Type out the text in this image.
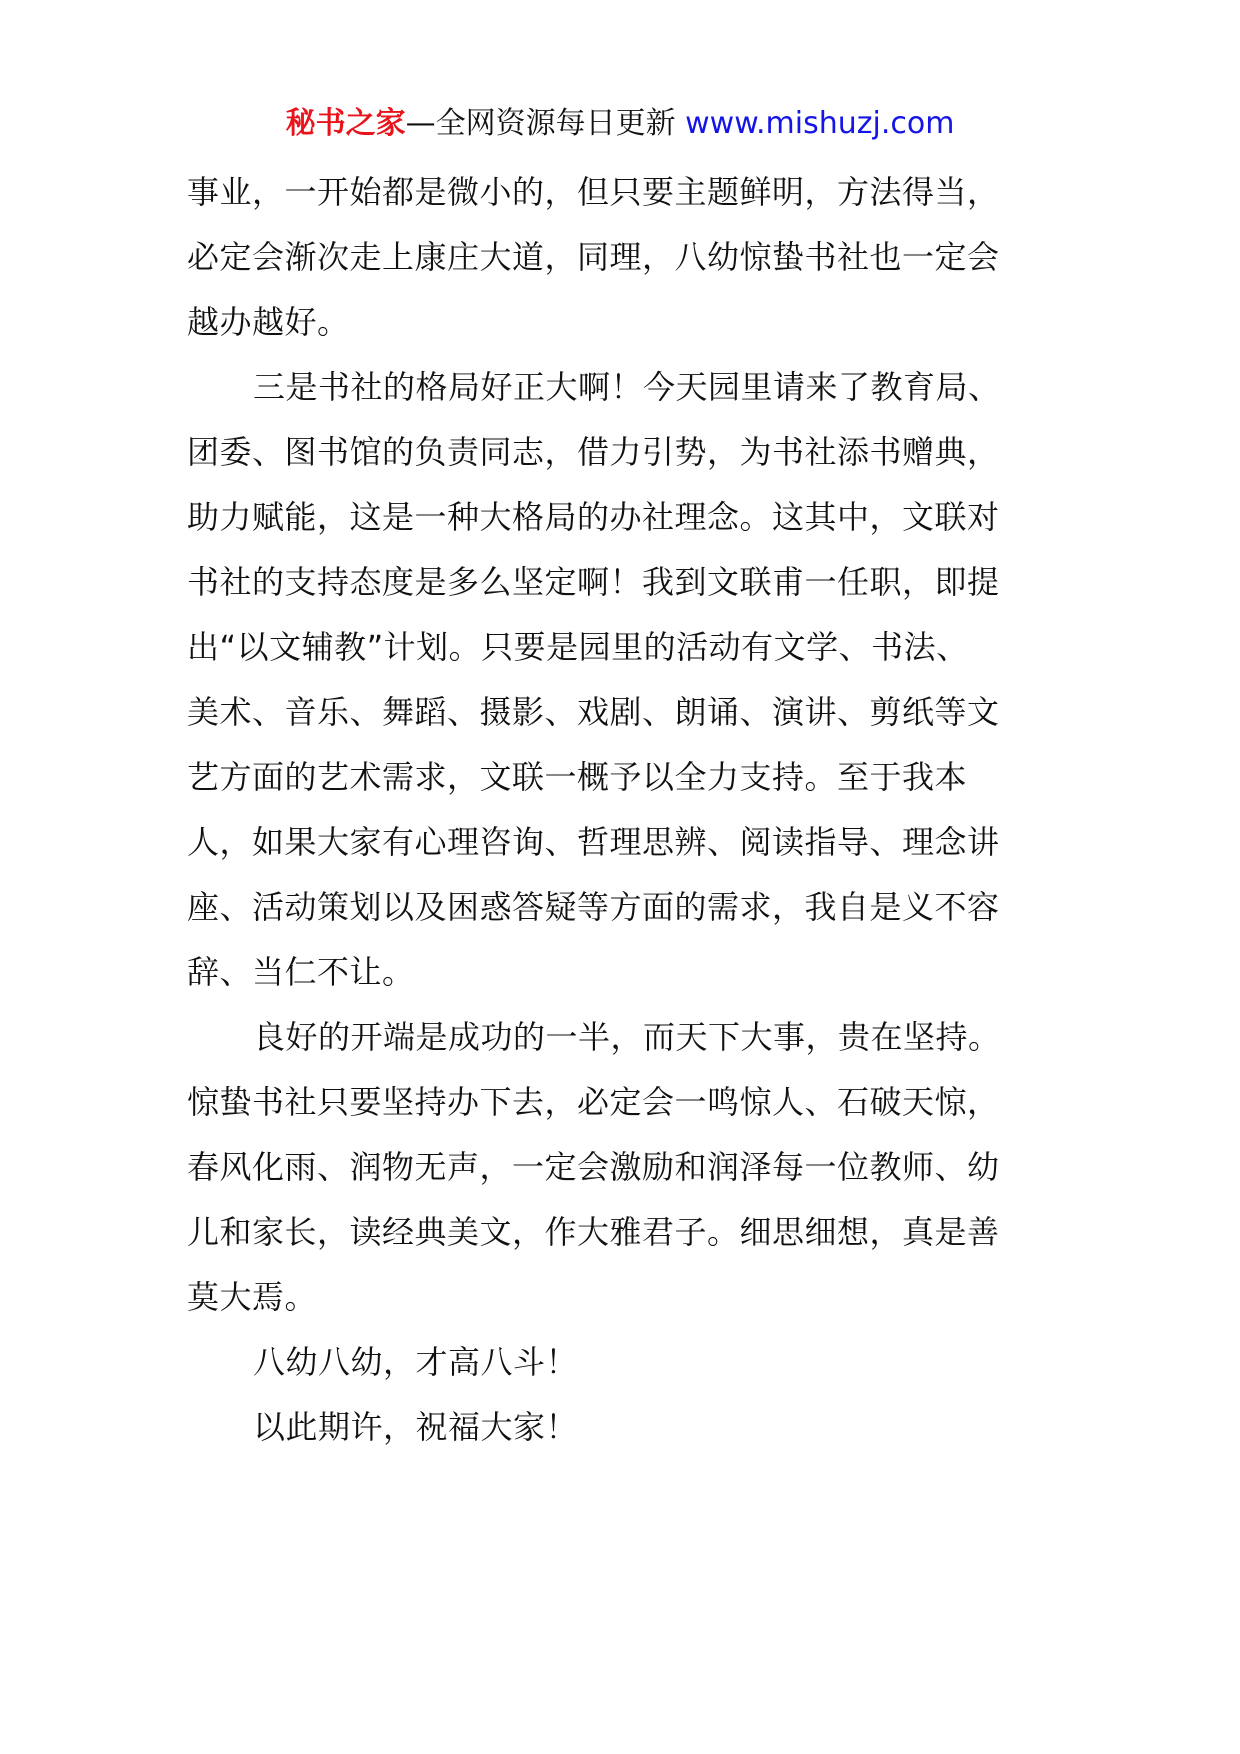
秘书之家—全网资源每日更新 www.mishuzj.com
事业，一开始都是微小的，但只要主题鲜明，方法得当，
必定会渐次走上康庄大道，同理，八幼惊蛰书社也一定会
越办越好。
三是书社的格局好正大啊！今天园里请来了教育局、
团委、图书馆的负责同志，借力引势，为书社添书赠典，
助力赋能，这是一种大格局的办社理念。这其中，文联对
书社的支持态度是多么坚定啊！我到文联甫一任职，即提
出“以文辅教”计划。只要是园里的活动有文学、书法、
美术、音乐、舞蹈、摄影、戏剧、朗诵、演讲、剪纸等文
艺方面的艺术需求，文联一概予以全力支持。至于我本
人，如果大家有心理咨询、哲理思辨、阅读指导、理念讲
座、活动策划以及困惑答疑等方面的需求，我自是义不容
辞、当仁不让。
良好的开端是成功的一半，而天下大事，贵在坚持。
惊蛰书社只要坚持办下去，必定会一鸣惊人、石破天惊，
春风化雨、润物无声，一定会激励和润泽每一位教师、幼
儿和家长，读经典美文，作大雅君子。细思细想，真是善
莫大焉。
八幼八幼，才高八斗！
以此期许，祝福大家！
